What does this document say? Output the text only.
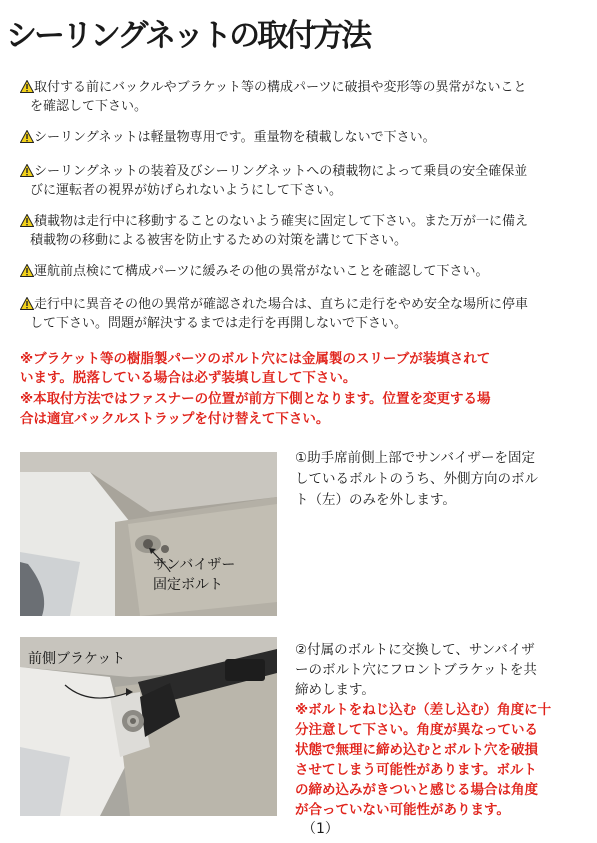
シーリングネットの取付方法
取付する前にバックルやブラケット等の構成パーツに破損や変形等の異常がないこと
を確認して下さい。
シーリングネットは軽量物専用です。重量物を積載しないで下さい。
シーリングネットの装着及びシーリングネットへの積載物によって乗員の安全確保並
びに運転者の視界が妨げられないようにして下さい。
積載物は走行中に移動することのないよう確実に固定して下さい。また万が一に備え
積載物の移動による被害を防止するための対策を講じて下さい。
運航前点検にて構成パーツに緩みその他の異常がないことを確認して下さい。
走行中に異音その他の異常が確認された場合は、直ちに走行をやめ安全な場所に停車
して下さい。問題が解決するまでは走行を再開しないで下さい。
※ブラケット等の樹脂製パーツのボルト穴には金属製のスリーブが装填されて
います。脱落している場合は必ず装填し直して下さい。
※本取付方法ではファスナーの位置が前方下側となります。位置を変更する場
合は適宜バックルストラップを付け替えて下さい。
サンバイザー
固定ボルト
①助手席前側上部でサンバイザーを固定
しているボルトのうち、外側方向のボル
ト（左）のみを外します。
前側ブラケット
②付属のボルトに交換して、サンバイザ
ーのボルト穴にフロントブラケットを共
締めします。
※ボルトをねじ込む（差し込む）角度に十
分注意して下さい。角度が異なっている
状態で無理に締め込むとボルト穴を破損
させてしまう可能性があります。ボルト
の締め込みがきついと感じる場合は角度
が合っていない可能性があります。
（1）
